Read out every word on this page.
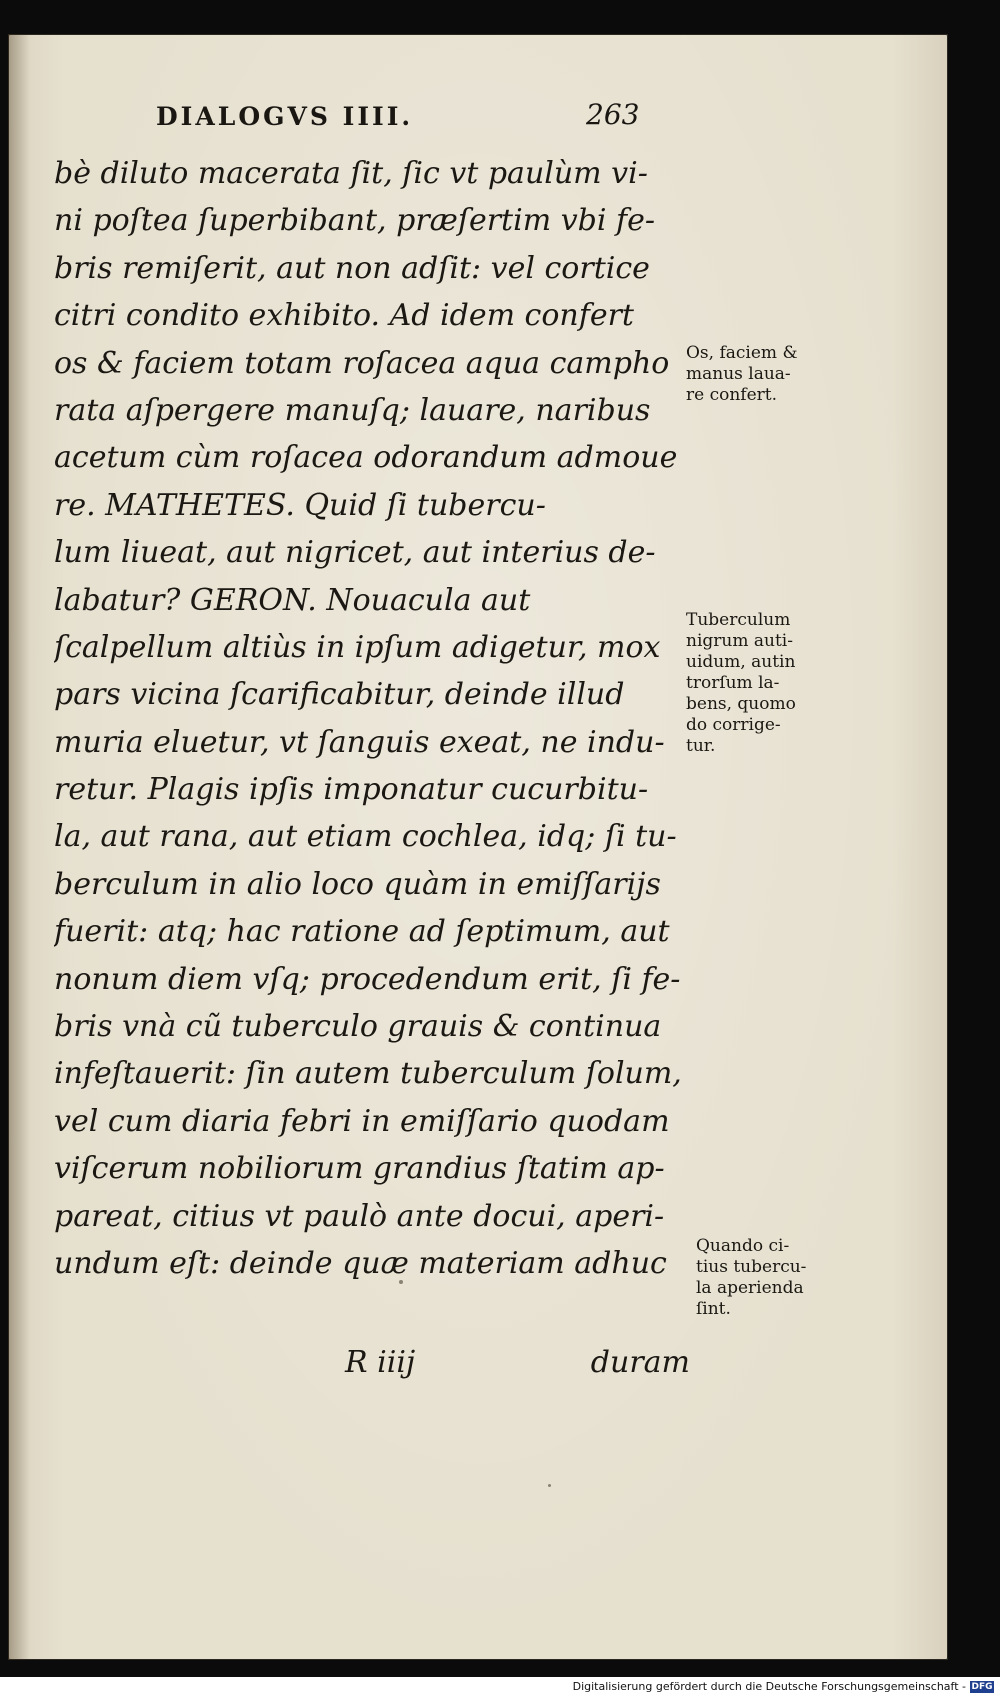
DIALOGVS IIII.	263
bè diluto macerata ſit, ſic vt paulùm vi-
ni poſtea ſuperbibant, præſertim vbi fe-
bris remiſerit, aut non adſit: vel cortice
citri condito exhibito. Ad idem confert
os & faciem totam roſacea aqua campho
rata aſpergere manuſq; lauare, naribus
acetum cùm roſacea odorandum admoue
re. MATHETES. Quid ſi tubercu-
lum liueat, aut nigricet, aut interius de-
labatur? GERON. Nouacula aut
ſcalpellum altiùs in ipſum adigetur, mox
pars vicina ſcarificabitur, deinde illud
muria eluetur, vt ſanguis exeat, ne indu-
retur. Plagis ipſis imponatur cucurbitu-
la, aut rana, aut etiam cochlea, idq; ſi tu-
berculum in alio loco quàm in emiſſarijs
fuerit: atq; hac ratione ad ſeptimum, aut
nonum diem vſq; procedendum erit, ſi fe-
bris vnà cũ tuberculo grauis & continua
infeſtauerit: ſin autem tuberculum ſolum,
vel cum diaria febri in emiſſario quodam
viſcerum nobiliorum grandius ſtatim ap-
pareat, citius vt paulò ante docui, aperi-
undum eſt: deinde quæ materiam adhuc
R iiij	duram
Os, faciem &
manus laua-
re confert.
Tuberculum
nigrum auti-
uidum, autin
trorſum la-
bens, quomo
do corrige-
tur.
Quando ci-
tius tubercu-
la aperienda
ſint.
Digitalisierung gefördert durch die Deutsche Forschungsgemeinschaft - DFG
